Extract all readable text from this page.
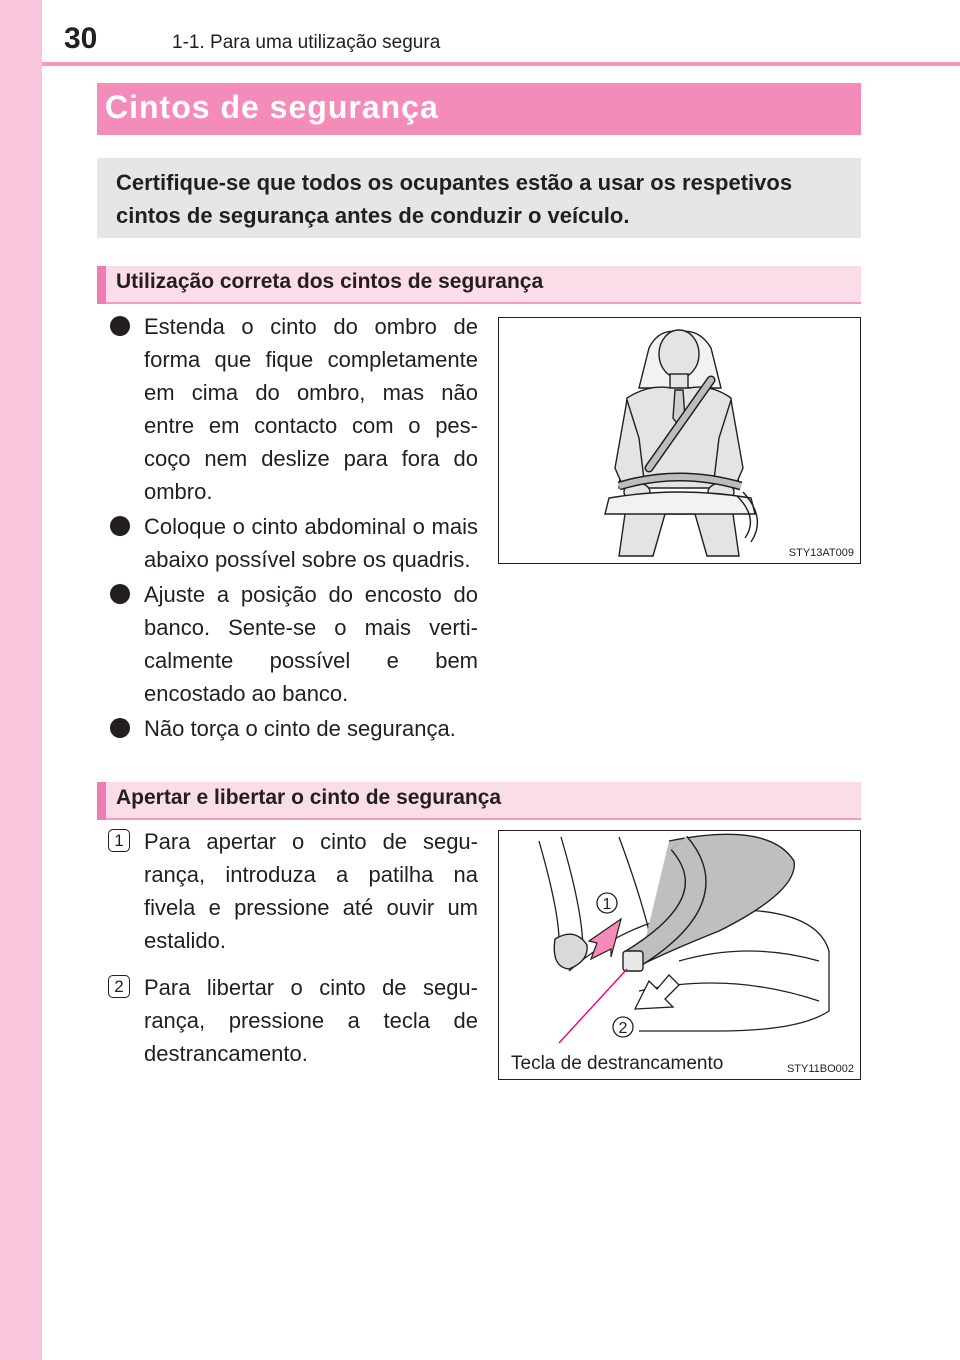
30	1-1. Para uma utilização segura
Cintos de segurança
Certifique-se que todos os ocupantes estão a usar os respetivos cintos de segurança antes de conduzir o veículo.
Utilização correta dos cintos de segurança
Estenda o cinto do ombro de forma que fique completamente em cima do ombro, mas não entre em contacto com o pes-coço nem deslize para fora do ombro.
Coloque o cinto abdominal o mais abaixo possível sobre os quadris.
Ajuste a posição do encosto do banco. Sente-se o mais verti-calmente possível e bem encostado ao banco.
Não torça o cinto de segurança.
STY13AT009
Apertar e libertar o cinto de segurança
1 Para apertar o cinto de segu-rança, introduza a patilha na fivela e pressione até ouvir um estalido.
2 Para libertar o cinto de segu-rança, pressione a tecla de destrancamento.
1
2
Tecla de destrancamento	STY11BO002
